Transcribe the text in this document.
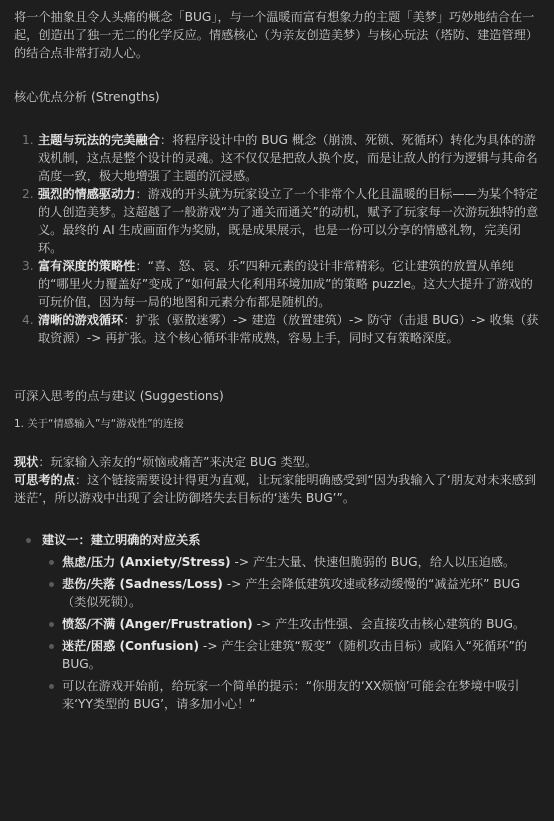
将一个抽象且令人头痛的概念「BUG」，与一个温暖而富有想象力的主题「美梦」巧妙地结合在一起，创造出了独一无二的化学反应。情感核心（为亲友创造美梦）与核心玩法（塔防、建造管理）的结合点非常打动人心。

核心优点分析 (Strengths)

1 . 主题与玩法的完美融合：将程序设计中的 BUG 概念（崩溃、死锁、死循环）转化为具体的游戏机制，这点是整个设计的灵魂。这不仅仅是把敌人换个皮，而是让敌人的行为逻辑与其命名高度一致，极大地增强了主题的沉浸感。
2 . 强烈的情感驱动力：游戏的开头就为玩家设立了一个非常个人化且温暖的目标——为某个特定的人创造美梦。这超越了一般游戏“为了通关而通关”的动机，赋予了玩家每一次游玩独特的意义。最终的 AI 生成画面作为奖励，既是成果展示，也是一份可以分享的情感礼物，完美闭环。
3 . 富有深度的策略性：“喜、怒、哀、乐”四种元素的设计非常精彩。它让建筑的放置从单纯的“哪里火力覆盖好”变成了“如何最大化利用环境加成”的策略 puzzle。这大大提升了游戏的可玩价值，因为每一局的地图和元素分布都是随机的。
4 . 清晰的游戏循环：扩张（驱散迷雾）-> 建造（放置建筑）-> 防守（击退 BUG）-> 收集（获取资源）-> 再扩张。这个核心循环非常成熟，容易上手，同时又有策略深度。

可深入思考的点与建议 (Suggestions)

1. 关于“情感输入”与“游戏性”的连接

现状：玩家输入亲友的“烦恼或痛苦”来决定 BUG 类型。

可思考的点：这个链接需要设计得更为直观，让玩家能明确感受到“因为我输入了‘朋友对未来感到迷茫’，所以游戏中出现了会让防御塔失去目标的‘迷失 BUG’”。

建议一：建立明确的对应关系
焦虑/压力 (Anxiety/Stress) -> 产生大量、快速但脆弱的 BUG，给人以压迫感。
悲伤/失落 (Sadness/Loss) -> 产生会降低建筑攻速或移动缓慢的“减益光环” BUG（类似死锁）。
愤怒/不满 (Anger/Frustration) -> 产生攻击性强、会直接攻击核心建筑的 BUG。
迷茫/困惑 (Confusion) -> 产生会让建筑“叛变”（随机攻击目标）或陷入“死循环”的 BUG。
可以在游戏开始前，给玩家一个简单的提示：“你朋友的‘XX烦恼’可能会在梦境中吸引来‘YY类型的 BUG’，请多加小心！”
